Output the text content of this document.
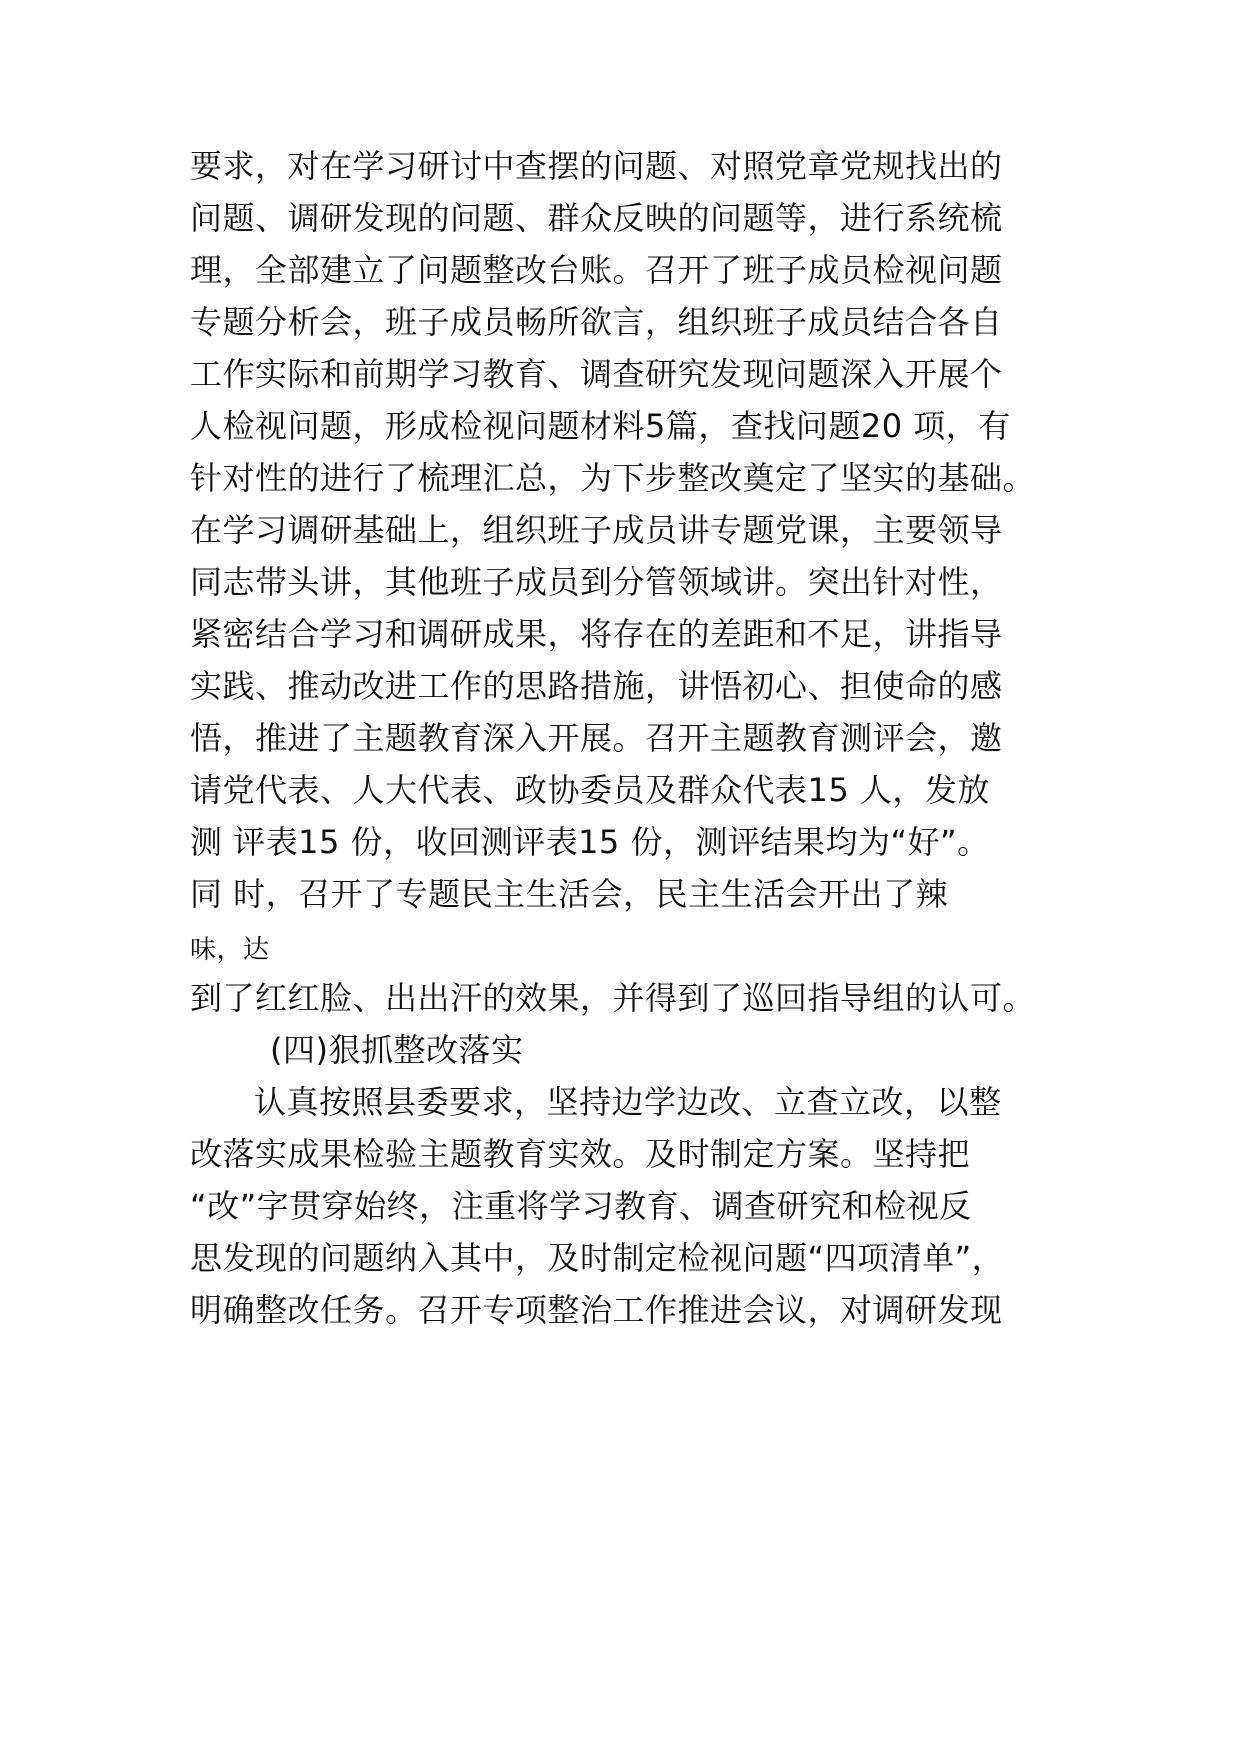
要求，对在学习研讨中查摆的问题、对照党章党规找出的
问题、调研发现的问题、群众反映的问题等，进行系统梳
理，全部建立了问题整改台账。召开了班子成员检视问题
专题分析会，班子成员畅所欲言，组织班子成员结合各自
工作实际和前期学习教育、调查研究发现问题深入开展个
人检视问题，形成检视问题材料5篇，查找问题20 项，有
针对性的进行了梳理汇总，为下步整改奠定了坚实的基础。
在学习调研基础上，组织班子成员讲专题党课，主要领导
同志带头讲，其他班子成员到分管领域讲。突出针对性，
紧密结合学习和调研成果，将存在的差距和不足，讲指导
实践、推动改进工作的思路措施，讲悟初心、担使命的感
悟，推进了主题教育深入开展。召开主题教育测评会，邀
请党代表、人大代表、政协委员及群众代表15 人，发放
测 评表15 份，收回测评表15 份，测评结果均为“好”。
同 时，召开了专题民主生活会，民主生活会开出了辣
味，达
到了红红脸、出出汗的效果，并得到了巡回指导组的认可。
(四)狠抓整改落实
认真按照县委要求，坚持边学边改、立查立改，以整
改落实成果检验主题教育实效。及时制定方案。坚持把
“改”字贯穿始终，注重将学习教育、调查研究和检视反
思发现的问题纳入其中，及时制定检视问题“四项清单”，
明确整改任务。召开专项整治工作推进会议，对调研发现
